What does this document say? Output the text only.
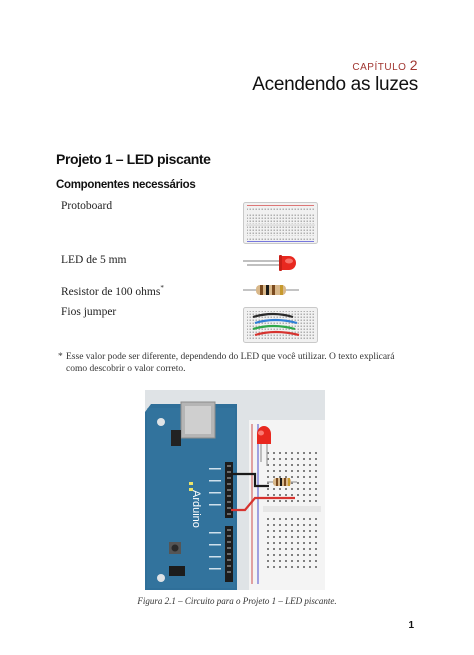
CAPÍTULO 2
Acendendo as luzes
Projeto 1 – LED piscante
Componentes necessários
Protoboard
LED de 5 mm
Resistor de 100 ohms*
Fios jumper
* Esse valor pode ser diferente, dependendo do LED que você utilizar. O texto explicará como descobrir o valor correto.
Arduino
Figura 2.1 – Circuito para o Projeto 1 – LED piscante.
1
